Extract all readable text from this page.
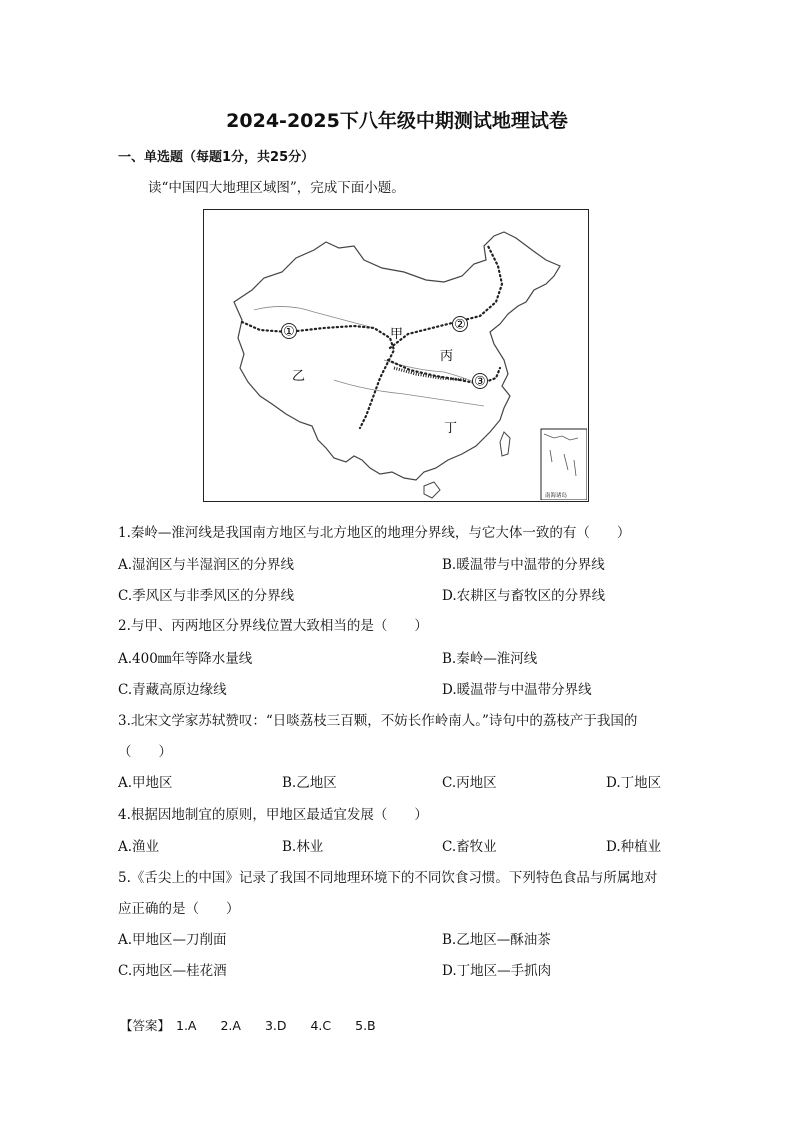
2024-2025下八年级中期测试地理试卷
一、单选题（每题1分，共25分）
读“中国四大地理区域图”，完成下面小题。
①	②
③
甲
乙
丙
丁
南海诸岛
1.秦岭—淮河线是我国南方地区与北方地区的地理分界线，与它大体一致的有（　　）
A.湿润区与半湿润区的分界线	B.暖温带与中温带的分界线
C.季风区与非季风区的分界线	D.农耕区与畜牧区的分界线
2.与甲、丙两地区分界线位置大致相当的是（　　）
A.400㎜年等降水量线	B.秦岭—淮河线
C.青藏高原边缘线	D.暖温带与中温带分界线
3.北宋文学家苏轼赞叹：“日啖荔枝三百颗，不妨长作岭南人。”诗句中的荔枝产于我国的
（　　）
A.甲地区	B.乙地区	C.丙地区	D.丁地区
4.根据因地制宜的原则，甲地区最适宜发展（　　）
A.渔业	B.林业	C.畜牧业	D.种植业
5.《舌尖上的中国》记录了我国不同地理环境下的不同饮食习惯。下列特色食品与所属地对
应正确的是（　　）
A.甲地区—刀削面	B.乙地区—酥油茶
C.丙地区—桂花酒	D.丁地区—手抓肉
【答案】 1.A 2.A 3.D 4.C 5.B
